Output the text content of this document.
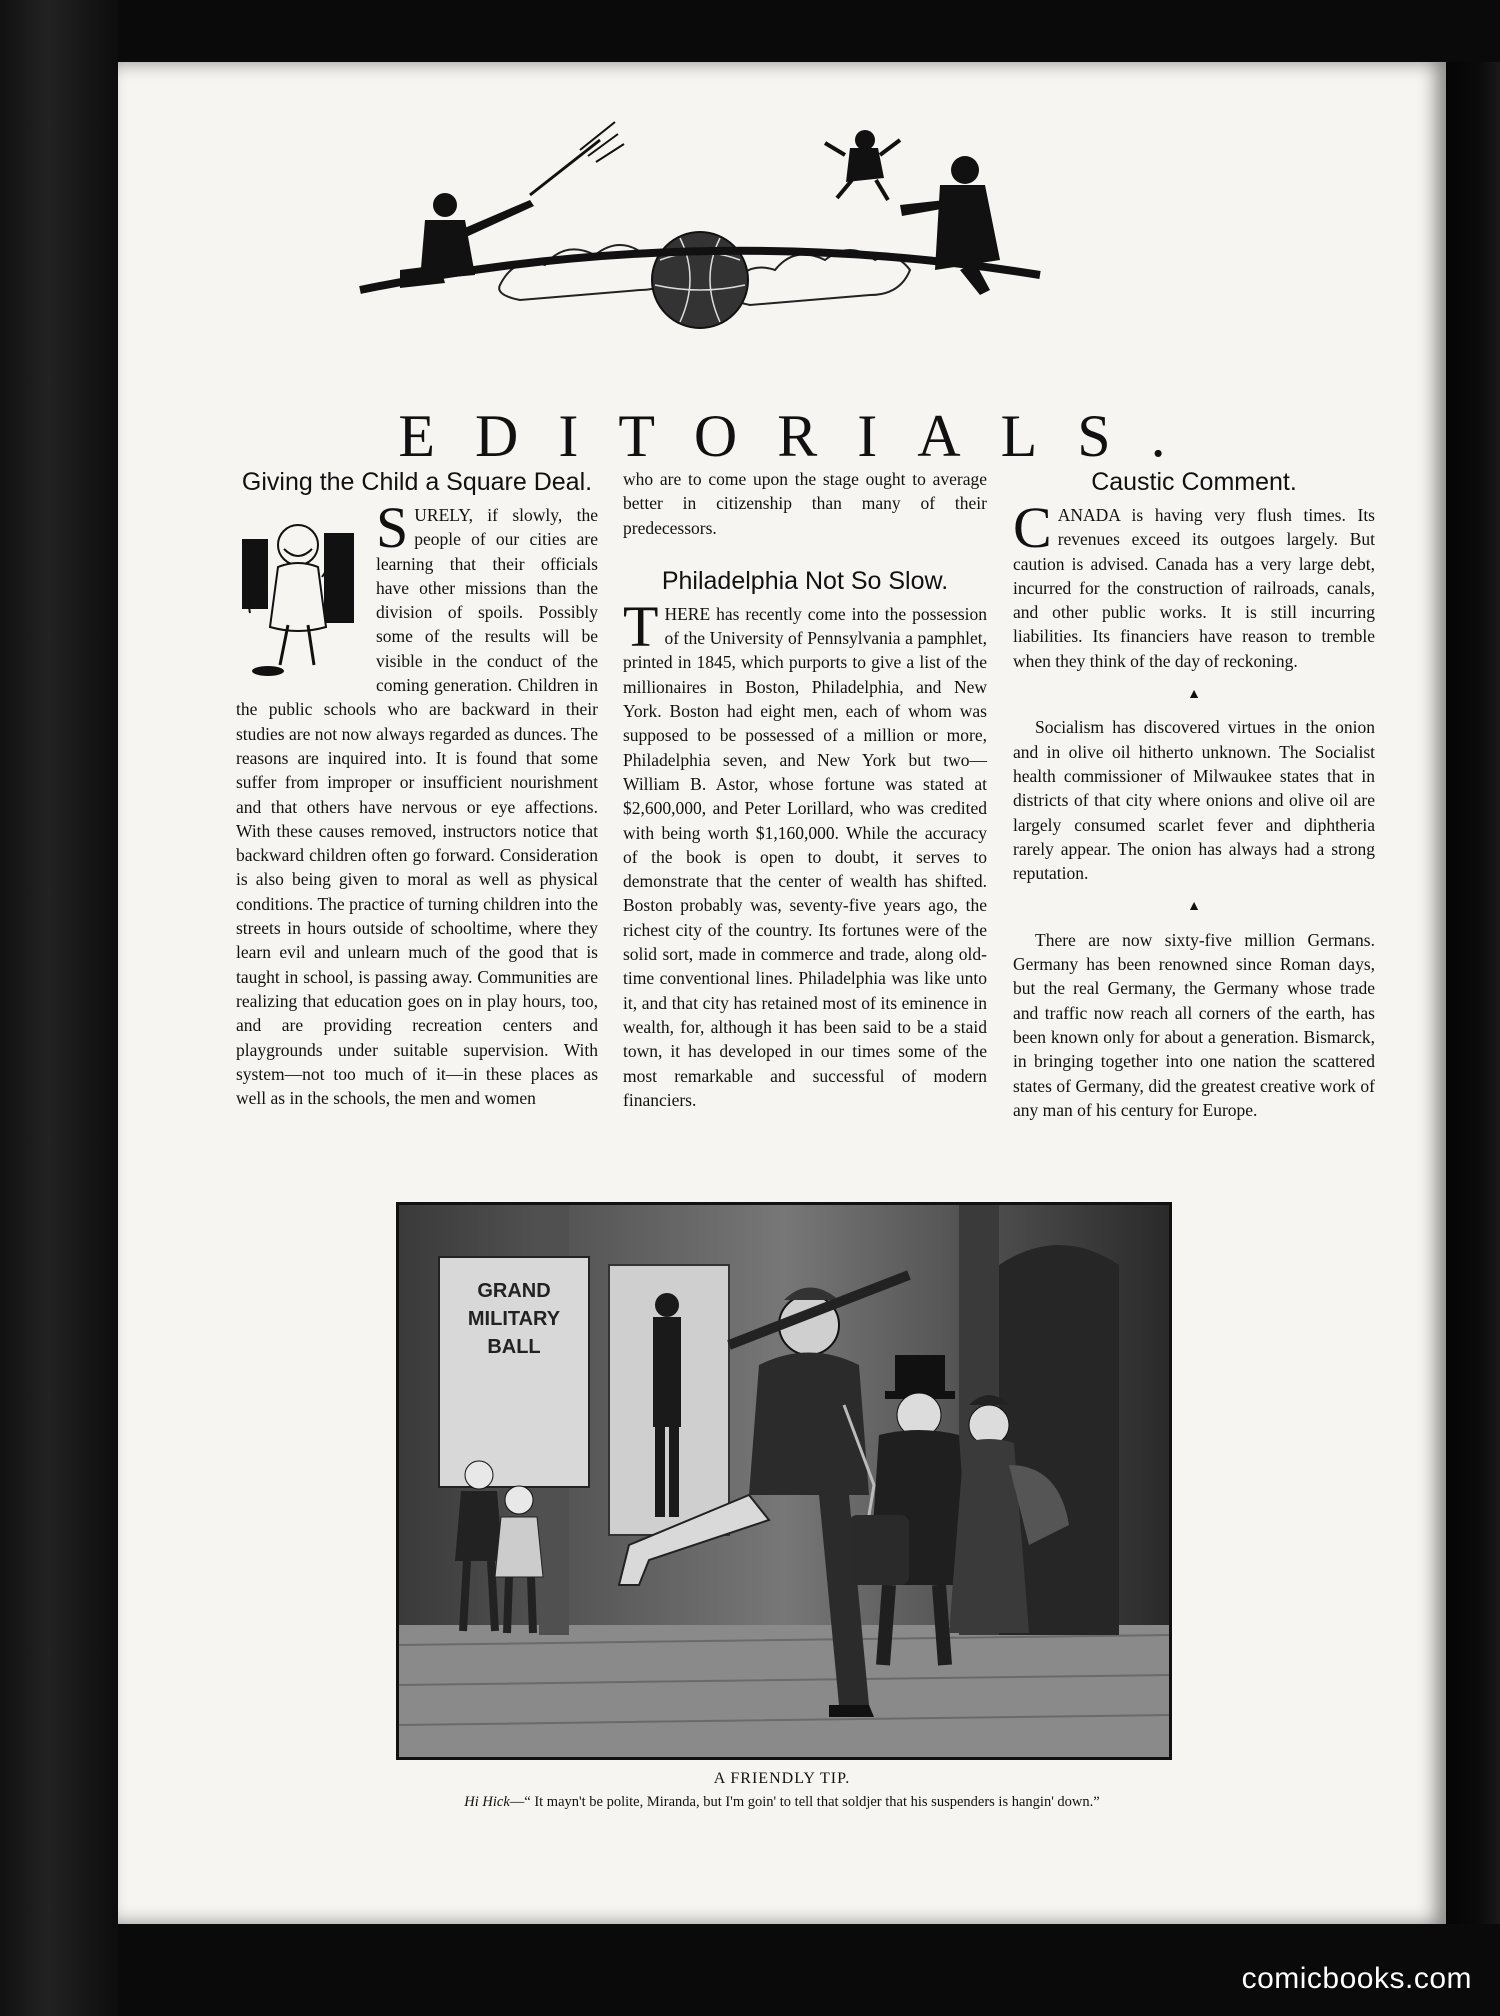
EDITORIALS.
Giving the Child a Square Deal.

SURELY, if slowly, the people of our cities are learning that their officials have other missions than the division of spoils. Possibly some of the results will be visible in the conduct of the coming generation. Children in the public schools who are backward in their studies are not now always regarded as dunces. The reasons are inquired into. It is found that some suffer from improper or insufficient nourishment and that others have nervous or eye affections. With these causes removed, instructors notice that backward children often go forward. Consideration is also being given to moral as well as physical conditions. The practice of turning children into the streets in hours outside of schooltime, where they learn evil and unlearn much of the good that is taught in school, is passing away. Communities are realizing that education goes on in play hours, too, and are providing recreation centers and playgrounds under suitable supervision. With system—not too much of it—in these places as well as in the schools, the men and women

who are to come upon the stage ought to average better in citizenship than many of their predecessors.

Philadelphia Not So Slow.

THERE has recently come into the possession of the University of Pennsylvania a pamphlet, printed in 1845, which purports to give a list of the millionaires in Boston, Philadelphia, and New York. Boston had eight men, each of whom was supposed to be possessed of a million or more, Philadelphia seven, and New York but two—William B. Astor, whose fortune was stated at $2,600,000, and Peter Lorillard, who was credited with being worth $1,160,000. While the accuracy of the book is open to doubt, it serves to demonstrate that the center of wealth has shifted. Boston probably was, seventy-five years ago, the richest city of the country. Its fortunes were of the solid sort, made in commerce and trade, along old-time conventional lines. Philadelphia was like unto it, and that city has retained most of its eminence in wealth, for, although it has been said to be a staid town, it has developed in our times some of the most remarkable and successful of modern financiers.

Caustic Comment.

CANADA is having very flush times. Its revenues exceed its outgoes largely. But caution is advised. Canada has a very large debt, incurred for the construction of railroads, canals, and other public works. It is still incurring liabilities. Its financiers have reason to tremble when they think of the day of reckoning.

▲

Socialism has discovered virtues in the onion and in olive oil hitherto unknown. The Socialist health commissioner of Milwaukee states that in districts of that city where onions and olive oil are largely consumed scarlet fever and diphtheria rarely appear. The onion has always had a strong reputation.

▲

There are now sixty-five million Germans. Germany has been renowned since Roman days, but the real Germany, the Germany whose trade and traffic now reach all corners of the earth, has been known only for about a generation. Bismarck, in bringing together into one nation the scattered states of Germany, did the greatest creative work of any man of his century for Europe.

GRAND
MILITARY
BALL
A FRIENDLY TIP.
Hi Hick—“ It mayn't be polite, Miranda, but I'm goin' to tell that soldjer that his suspenders is hangin' down.”
comicbooks.com
